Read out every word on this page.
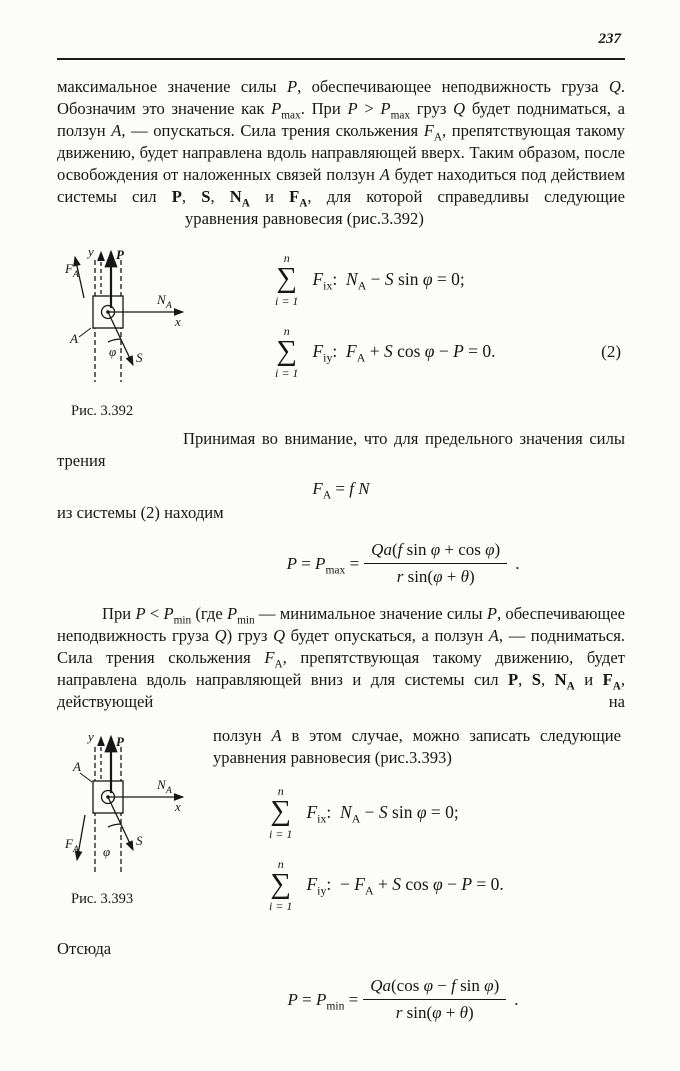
237

максимальное значение силы P, обеспечивающее неподвижность груза Q. Обозначим это значение как $P_{max}$. При $P > P_{max}$ груз Q будет подниматься, а ползун A, — опускаться. Сила трения скольжения $F_A$, препятствующая такому движению, будет направлена вдоль направляющей вверх. Таким образом, после освобождения от наложенных связей ползун A будет находиться под действием системы сил P, S, $N_A$ и $F_A$, для которой справедливы следующие

уравнения равновесия (рис.3.392)

y P
F A
N A
x
S
A
φ
Рис. 3.392
n
∑
i = 1
$F_{ix}$:  $N_A - S$ sin φ = 0;
n
∑
i = 1
$F_{iy}$:  $F_A + S$ cos φ − P = 0.	(2)

Принимая во внимание, что для предельного значения силы трения

$F_A = f$ N

из системы (2) находим

$P = P_{max} = \frac{\text{Qa(f sin φ + cos φ)}}{\text{r sin(φ + θ)}}$ .

При $P < P_{min}$ (где $P_{min}$ — минимальное значение силы P, обеспечивающее неподвижность груза Q) груз Q будет опускаться, а ползун A, — подниматься. Сила трения скольжения $F_A$, препятствующая такому движению, будет направлена вдоль направляющей вниз и для системы сил P, S, $N_A$ и $F_A$, действующей на

A
y P
N A
x
F A
S
φ
Рис. 3.393

ползун A в этом случае, можно записать следующие уравнения равновесия (рис.3.393)

n
∑
i = 1
$F_{ix}$:  $N_A - S$ sin φ = 0;
n
∑
i = 1
$F_{iy}$:  − $F_A + S$ cos φ − P = 0.

Отсюда

$P = P_{min} = \frac{\text{Qa(cos φ − f sin φ)}}{\text{r sin(φ + θ)}}$ .
